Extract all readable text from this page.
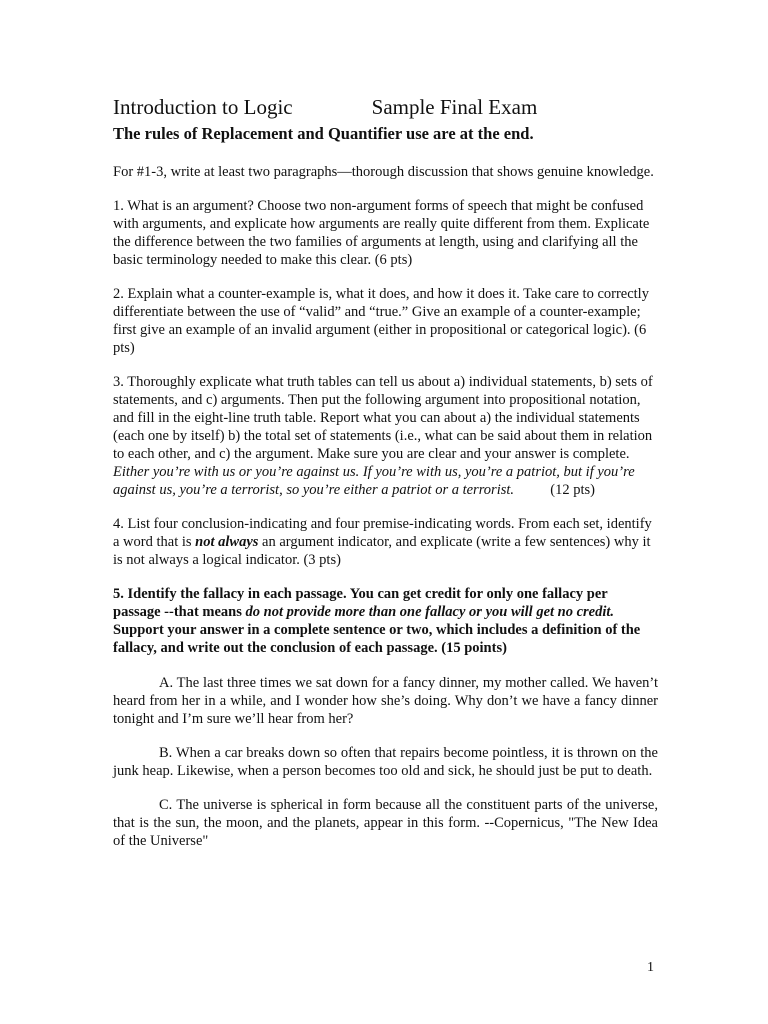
Introduction to Logic	Sample Final Exam

The rules of Replacement and Quantifier use are at the end.

For #1-3, write at least two paragraphs—thorough discussion that shows genuine knowledge.

1. What is an argument? Choose two non-argument forms of speech that might be confused with arguments, and explicate how arguments are really quite different from them. Explicate the difference between the two families of arguments at length, using and clarifying all the basic terminology needed to make this clear. (6 pts)

2. Explain what a counter-example is, what it does, and how it does it. Take care to correctly differentiate between the use of “valid” and “true.” Give an example of a counter-example; first give an example of an invalid argument (either in propositional or categorical logic). (6 pts)

3. Thoroughly explicate what truth tables can tell us about a) individual statements, b) sets of statements, and c) arguments. Then put the following argument into propositional notation, and fill in the eight-line truth table. Report what you can about a) the individual statements (each one by itself) b) the total set of statements (i.e., what can be said about them in relation to each other, and c) the argument. Make sure you are clear and your answer is complete.     Either you’re with us or you’re against us. If you’re with us, you’re a patriot, but if you’re against us, you’re a terrorist, so you’re either a patriot or a terrorist.	(12 pts)

4. List four conclusion-indicating and four premise-indicating words. From each set, identify a word that is not always an argument indicator, and explicate (write a few sentences) why it is not always a logical indicator. (3 pts)

5. Identify the fallacy in each passage. You can get credit for only one fallacy per passage --that means do not provide more than one fallacy or you will get no credit. Support your answer in a complete sentence or two, which includes a definition of the fallacy, and write out the conclusion of each passage. (15 points)

A. The last three times we sat down for a fancy dinner, my mother called. We haven’t heard from her in a while, and I wonder how she’s doing. Why don’t we have a fancy dinner tonight and I’m sure we’ll hear from her?

B. When a car breaks down so often that repairs become pointless, it is thrown on the junk heap. Likewise, when a person becomes too old and sick, he should just be put to death.

C. The universe is spherical in form because all the constituent parts of the universe, that is the sun, the moon, and the planets, appear in this form. --Copernicus, "The New Idea of the Universe"

1
